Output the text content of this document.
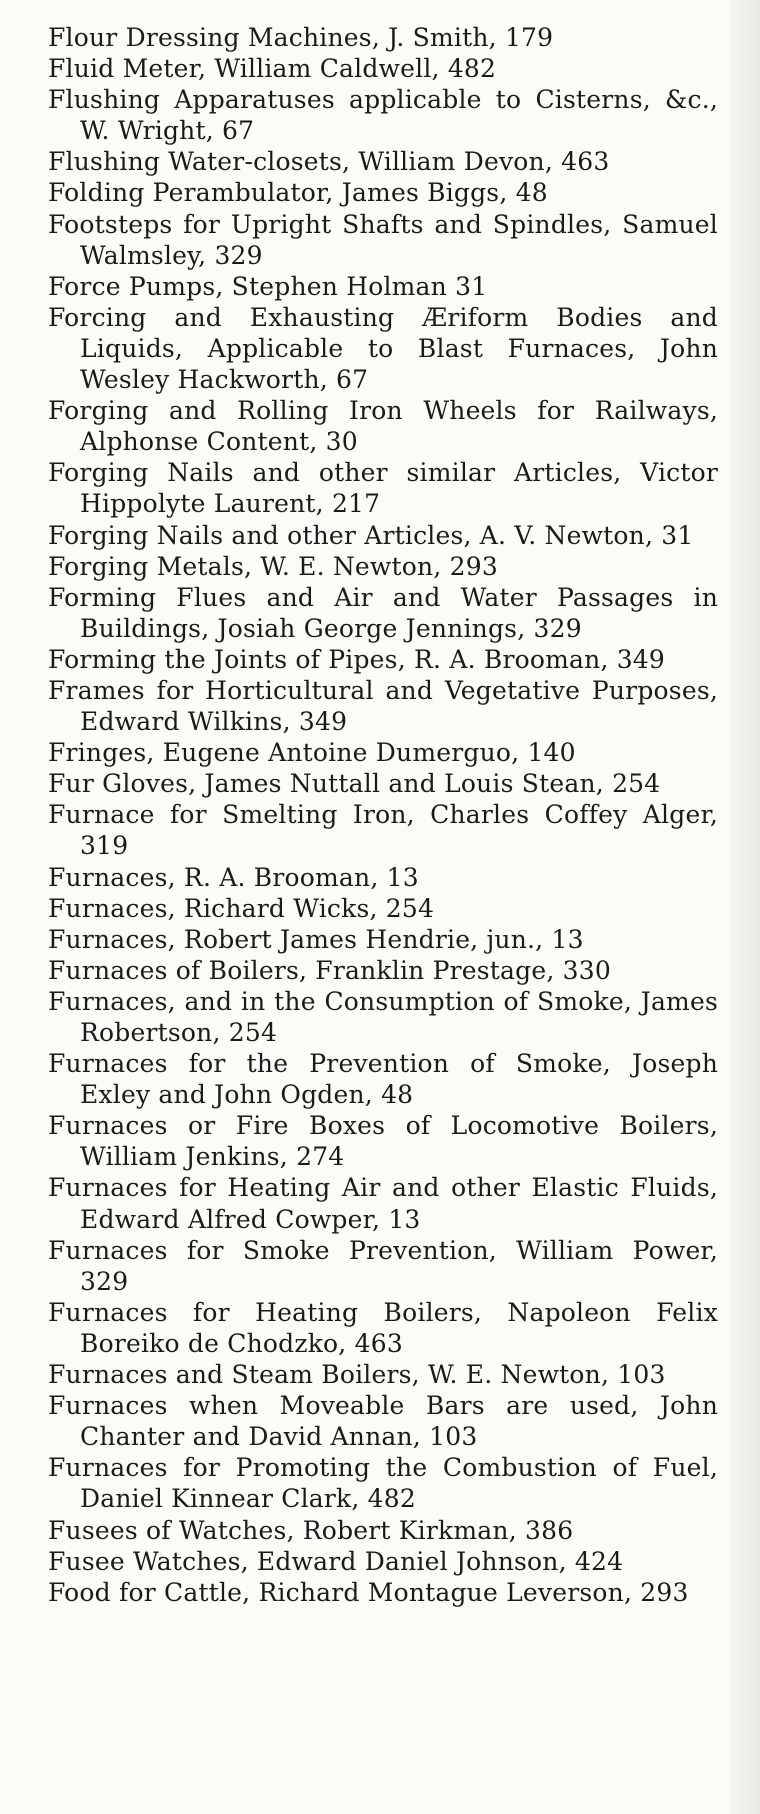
Flour Dressing Machines, J. Smith, 179

Fluid Meter, William Caldwell, 482

Flushing Apparatuses applicable to Cisterns, &c., W. Wright, 67

Flushing Water-closets, William Devon, 463

Folding Perambulator, James Biggs, 48

Footsteps for Upright Shafts and Spindles, Samuel Walmsley, 329

Force Pumps, Stephen Holman 31

Forcing and Exhausting Æriform Bodies and Liquids, Applicable to Blast Furnaces, John Wesley Hackworth, 67

Forging and Rolling Iron Wheels for Railways, Alphonse Content, 30

Forging Nails and other similar Articles, Victor Hippolyte Laurent, 217

Forging Nails and other Articles, A. V. Newton, 31

Forging Metals, W. E. Newton, 293

Forming Flues and Air and Water Passages in Buildings, Josiah George Jennings, 329

Forming the Joints of Pipes, R. A. Brooman, 349

Frames for Horticultural and Vegetative Purposes, Edward Wilkins, 349

Fringes, Eugene Antoine Dumerguo, 140

Fur Gloves, James Nuttall and Louis Stean, 254

Furnace for Smelting Iron, Charles Coffey Alger, 319

Furnaces, R. A. Brooman, 13

Furnaces, Richard Wicks, 254

Furnaces, Robert James Hendrie, jun., 13

Furnaces of Boilers, Franklin Prestage, 330

Furnaces, and in the Consumption of Smoke, James Robertson, 254

Furnaces for the Prevention of Smoke, Joseph Exley and John Ogden, 48

Furnaces or Fire Boxes of Locomotive Boilers, William Jenkins, 274

Furnaces for Heating Air and other Elastic Fluids, Edward Alfred Cowper, 13

Furnaces for Smoke Prevention, William Power, 329

Furnaces for Heating Boilers, Napoleon Felix Boreiko de Chodzko, 463

Furnaces and Steam Boilers, W. E. Newton, 103

Furnaces when Moveable Bars are used, John Chanter and David Annan, 103

Furnaces for Promoting the Combustion of Fuel, Daniel Kinnear Clark, 482

Fusees of Watches, Robert Kirkman, 386

Fusee Watches, Edward Daniel Johnson, 424

Food for Cattle, Richard Montague Leverson, 293
